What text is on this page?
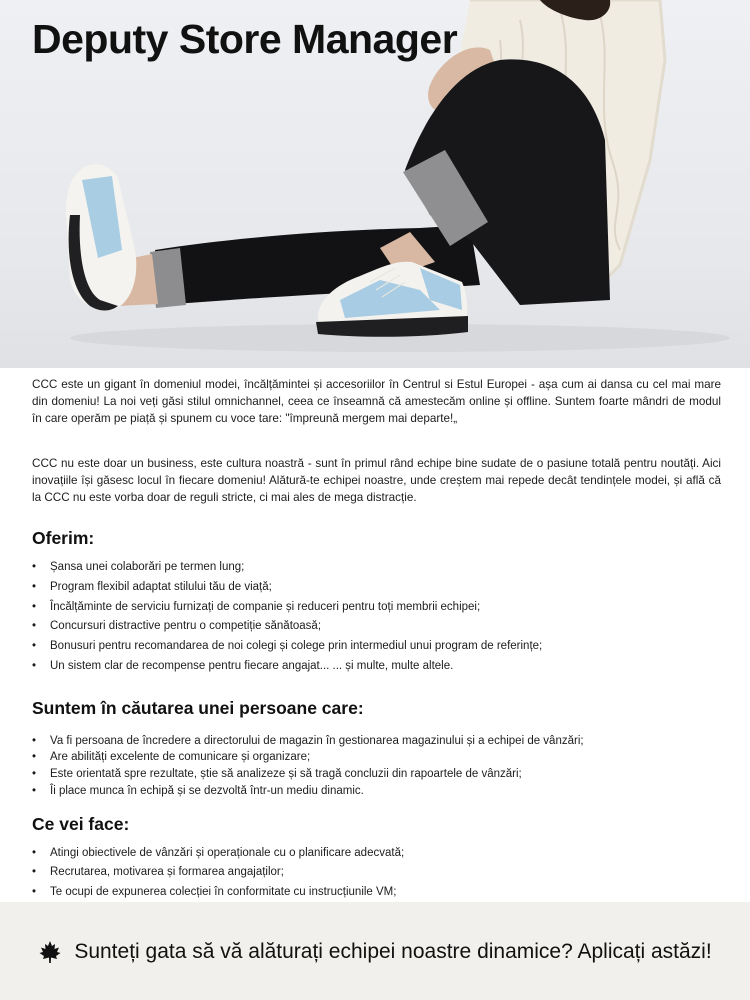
Deputy Store Manager

CCC este un gigant în domeniul modei, încălțămintei și accesoriilor în Centrul si Estul Europei - așa cum ai dansa cu cel mai mare din domeniu! La noi veți găsi stilul omnichannel, ceea ce înseamnă că amestecăm online și offline. Suntem foarte mândri de modul în care operăm pe piață și spunem cu voce tare: "împreună mergem mai departe!„

CCC nu este doar un business, este cultura noastră - sunt în primul rând echipe bine sudate de o pasiune totală pentru noutăți. Aici inovațiile își găsesc locul în fiecare domeniu! Alătură-te echipei noastre, unde creștem mai repede decât tendințele modei, și află că la CCC nu este vorba doar de reguli stricte, ci mai ales de mega distracție.

Oferim:
• Șansa unei colaborări pe termen lung;
• Program flexibil adaptat stilului tău de viață;
• Încălțăminte de serviciu furnizați de companie și reduceri pentru toți membrii echipei;
• Concursuri distractive pentru o competiție sănătoasă;
• Bonusuri pentru recomandarea de noi colegi și colege prin intermediul unui program de referințe;
• Un sistem clar de recompense pentru fiecare angajat... ... și multe, multe altele.
Suntem în căutarea unei persoane care:
• Va fi persoana de încredere a directorului de magazin în gestionarea magazinului și a echipei de vânzări;
• Are abilități excelente de comunicare și organizare;
• Este orientată spre rezultate, știe să analizeze și să tragă concluzii din rapoartele de vânzări;
• Îi place munca în echipă și se dezvoltă într-un mediu dinamic.
Ce vei face:
• Atingi obiectivele de vânzări și operaționale cu o planificare adecvată;
• Recrutarea, motivarea și formarea angajaților;
• Te ocupi de expunerea colecției în conformitate cu instrucțiunile VM;
•
Sunteți gata să vă alăturați echipei noastre dinamice? Aplicați astăzi!
